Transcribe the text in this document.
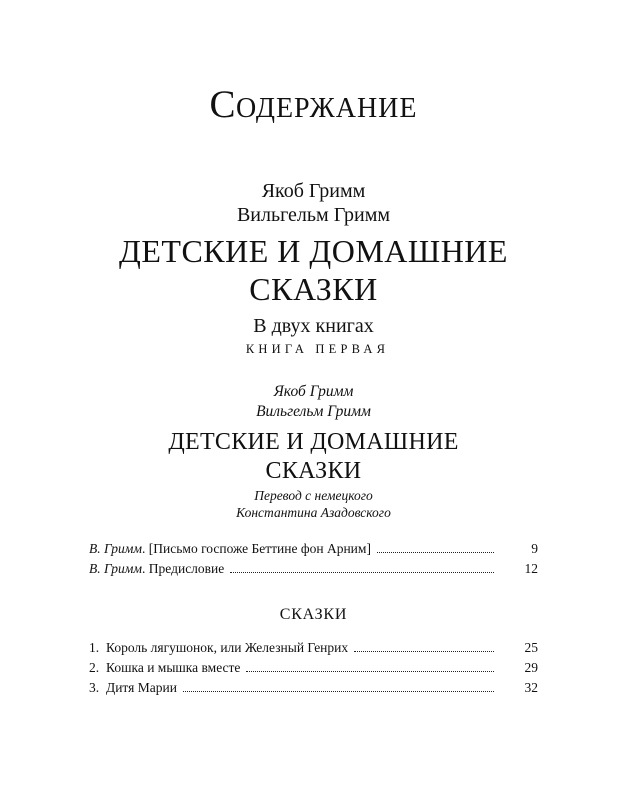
СОДЕРЖАНИЕ
Якоб Гримм
Вильгельм Гримм
ДЕТСКИЕ И ДОМАШНИЕ
СКАЗКИ
В двух книгах
КНИГА ПЕРВАЯ
Якоб Гримм
Вильгельм Гримм
ДЕТСКИЕ И ДОМАШНИЕ
СКАЗКИ
Перевод с немецкого
Константина Азадовского
В. Гримм. [Письмо госпоже Беттине фон Арним]	9
В. Гримм. Предисловие	12
СКАЗКИ
1. Король лягушонок, или Железный Генрих	25
2. Кошка и мышка вместе	29
3. Дитя Марии	32
